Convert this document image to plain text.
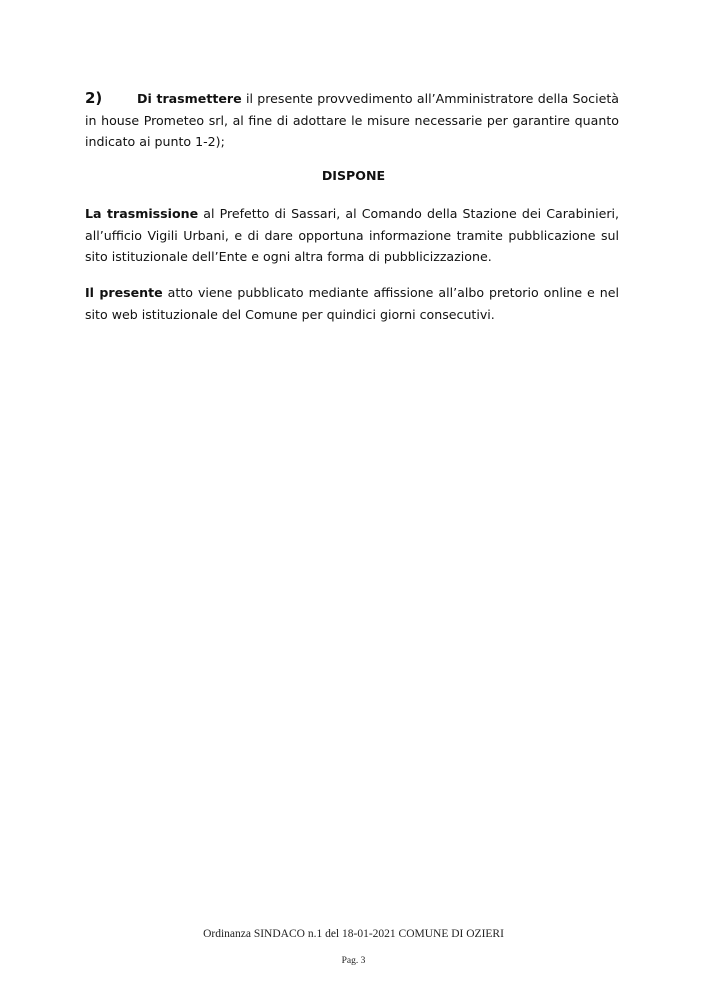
2)	Di trasmettere il presente provvedimento all’Amministratore della Società in house Prometeo srl, al fine di adottare le misure necessarie per garantire quanto indicato ai punto 1-2);

DISPONE

La trasmissione al Prefetto di Sassari, al Comando della Stazione dei Carabinieri, all’ufficio Vigili Urbani, e di dare opportuna informazione tramite pubblicazione sul sito istituzionale dell’Ente e ogni altra forma di pubblicizzazione.

Il presente atto viene pubblicato mediante affissione all’albo pretorio online e nel sito web istituzionale del Comune per quindici giorni consecutivi.

Ordinanza SINDACO n.1 del 18-01-2021 COMUNE DI OZIERI
Pag. 3
